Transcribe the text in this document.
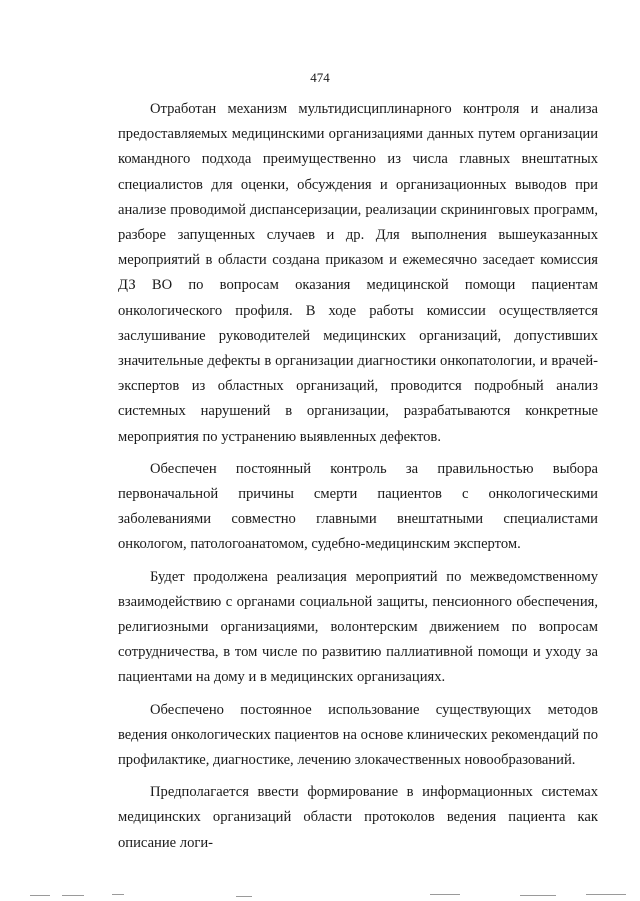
474

Отработан механизм мультидисциплинарного контроля и анализа предоставляемых медицинскими организациями данных путем организации командного подхода преимущественно из числа главных внештатных специалистов для оценки, обсуждения и организационных выводов при анализе проводимой диспансеризации, реализации скрининговых программ, разборе запущенных случаев и др. Для выполнения вышеуказанных мероприятий в области создана приказом и ежемесячно заседает комиссия ДЗ ВО по вопросам оказания медицинской помощи пациентам онкологического профиля. В ходе работы комиссии осуществляется заслушивание руководителей медицинских организаций, допустивших значительные дефекты в организации диагностики онкопатологии, и врачей-экспертов из областных организаций, проводится подробный анализ системных нарушений в организации, разрабатываются конкретные мероприятия по устранению выявленных дефектов.

Обеспечен постоянный контроль за правильностью выбора первоначальной причины смерти пациентов с онкологическими заболеваниями совместно главными внештатными специалистами онкологом, патологоанатомом, судебно-медицинским экспертом.

Будет продолжена реализация мероприятий по межведомственному взаимодействию с органами социальной защиты, пенсионного обеспечения, религиозными организациями, волонтерским движением по вопросам сотрудничества, в том числе по развитию паллиативной помощи и уходу за пациентами на дому и в медицинских организациях.

Обеспечено постоянное использование существующих методов ведения онкологических пациентов на основе клинических рекомендаций по профилактике, диагностике, лечению злокачественных новообразований.

Предполагается ввести формирование в информационных системах медицинских организаций области протоколов ведения пациента как описание логи-
